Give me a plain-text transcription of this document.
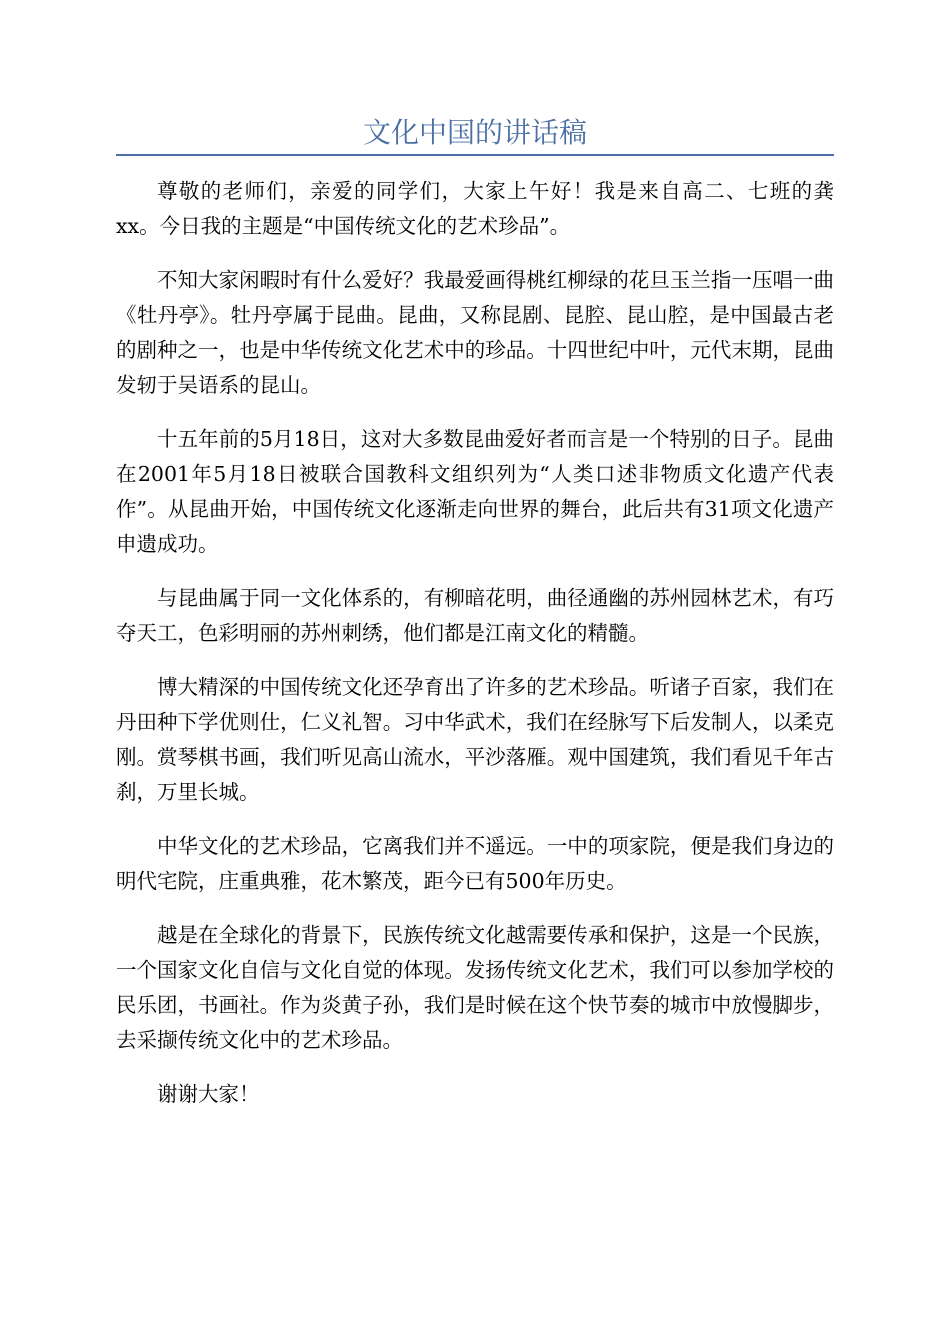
文化中国的讲话稿

尊敬的老师们，亲爱的同学们，大家上午好！我是来自高二、七班的龚xx。今日我的主题是“中国传统文化的艺术珍品”。

不知大家闲暇时有什么爱好？我最爱画得桃红柳绿的花旦玉兰指一压唱一曲《牡丹亭》。牡丹亭属于昆曲。昆曲，又称昆剧、昆腔、昆山腔，是中国最古老的剧种之一，也是中华传统文化艺术中的珍品。十四世纪中叶，元代末期，昆曲发轫于吴语系的昆山。

十五年前的5月18日，这对大多数昆曲爱好者而言是一个特别的日子。昆曲在2001年5月18日被联合国教科文组织列为“人类口述非物质文化遗产代表作”。从昆曲开始，中国传统文化逐渐走向世界的舞台，此后共有31项文化遗产申遗成功。

与昆曲属于同一文化体系的，有柳暗花明，曲径通幽的苏州园林艺术，有巧夺天工，色彩明丽的苏州刺绣，他们都是江南文化的精髓。

博大精深的中国传统文化还孕育出了许多的艺术珍品。听诸子百家，我们在丹田种下学优则仕，仁义礼智。习中华武术，我们在经脉写下后发制人，以柔克刚。赏琴棋书画，我们听见高山流水，平沙落雁。观中国建筑，我们看见千年古刹，万里长城。

中华文化的艺术珍品，它离我们并不遥远。一中的项家院，便是我们身边的明代宅院，庄重典雅，花木繁茂，距今已有500年历史。

越是在全球化的背景下，民族传统文化越需要传承和保护，这是一个民族，一个国家文化自信与文化自觉的体现。发扬传统文化艺术，我们可以参加学校的民乐团，书画社。作为炎黄子孙，我们是时候在这个快节奏的城市中放慢脚步，去采撷传统文化中的艺术珍品。

谢谢大家！
